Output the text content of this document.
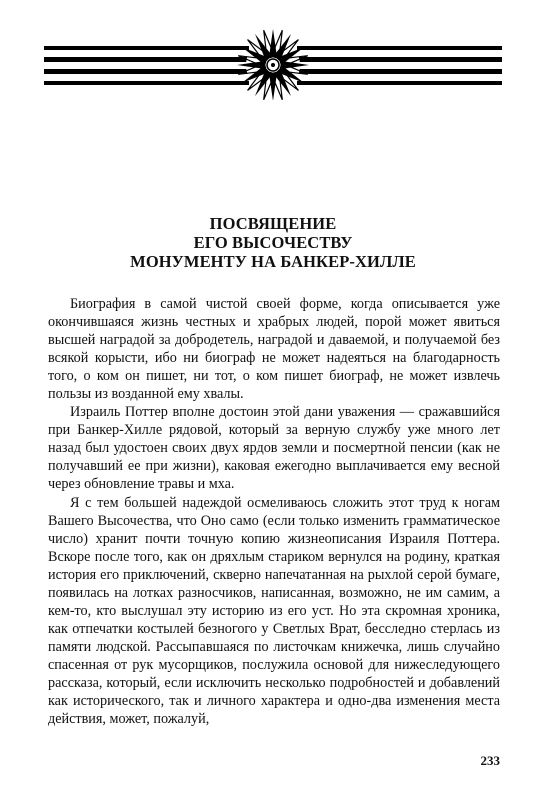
ПОСВЯЩЕНИЕ
ЕГО ВЫСОЧЕСТВУ
МОНУМЕНТУ НА БАНКЕР-ХИЛЛЕ

Биография в самой чистой своей форме, когда описывается уже окончившаяся жизнь честных и храбрых людей, порой может явиться высшей наградой за добродетель, наградой и даваемой, и получаемой без всякой корысти, ибо ни биограф не может надеяться на благодарность того, о ком он пишет, ни тот, о ком пишет биограф, не может извлечь пользы из возданной ему хвалы.

Израиль Поттер вполне достоин этой дани уважения — сражавшийся при Банкер-Хилле рядовой, который за верную службу уже много лет назад был удостоен своих двух ярдов земли и посмертной пенсии (как не получавший ее при жизни), каковая ежегодно выплачивается ему весной через обновление травы и мха.

Я с тем большей надеждой осмеливаюсь сложить этот труд к ногам Вашего Высочества, что Оно само (если только изменить грамматическое число) хранит почти точную копию жизнеописания Израиля Поттера. Вскоре после того, как он дряхлым стариком вернулся на родину, краткая история его приключений, скверно напечатанная на рыхлой серой бумаге, появилась на лотках разносчиков, написанная, возможно, не им самим, а кем-то, кто выслушал эту историю из его уст. Но эта скромная хроника, как отпечатки костылей безногого у Светлых Врат, бесследно стерлась из памяти людской. Рассыпавшаяся по листочкам книжечка, лишь случайно спасенная от рук мусорщиков, послужила основой для нижеследующего рассказа, который, если исключить несколько подробностей и добавлений как исторического, так и личного характера и одно-два изменения места действия, может, пожалуй,

233
